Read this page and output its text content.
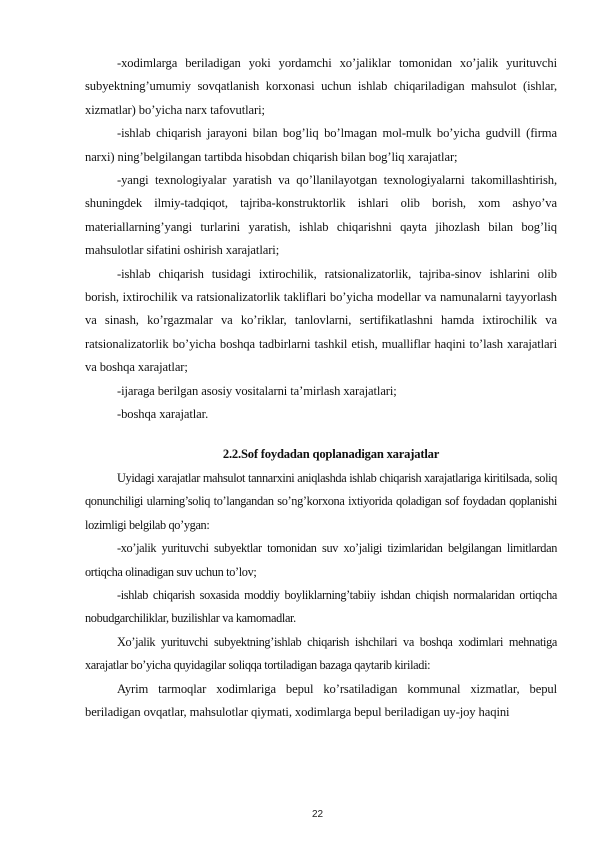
-xodimlarga beriladigan yoki yordamchi xo’jaliklar tomonidan xo’jalik yurituvchi subyektning’umumiy sovqatlanish korxonasi uchun ishlab chiqariladigan mahsulot (ishlar, xizmatlar) bo’yicha narx tafovutlari;

-ishlab chiqarish jarayoni bilan bog’liq bo’lmagan mol-mulk bo’yicha gudvill (firma narxi) ning’belgilangan tartibda hisobdan chiqarish bilan bog’liq xarajatlar;

-yangi texnologiyalar yaratish va qo’llanilayotgan texnologiyalarni takomillashtirish, shuningdek ilmiy-tadqiqot, tajriba-konstruktorlik ishlari olib borish, xom ashyo’va materiallarning’yangi turlarini yaratish, ishlab chiqarishni qayta jihozlash bilan bog’liq mahsulotlar sifatini oshirish xarajatlari;

-ishlab chiqarish tusidagi ixtirochilik, ratsionalizatorlik, tajriba-sinov ishlarini olib borish, ixtirochilik va ratsionalizatorlik takliflari bo’yicha modellar va namunalarni tayyorlash va sinash, ko’rgazmalar va ko’riklar, tanlovlarni, sertifikatlashni hamda ixtirochilik va ratsionalizatorlik bo’yicha boshqa tadbirlarni tashkil etish, mualliflar haqini to’lash xarajatlari va boshqa xarajatlar;

-ijaraga berilgan asosiy vositalarni ta’mirlash xarajatlari;

-boshqa xarajatlar.

2.2.Sof foydadan qoplanadigan xarajatlar

Uyidagi xarajatlar mahsulot tannarxini aniqlashda ishlab chiqarish xarajatlariga kiritilsada, soliq qonunchiligi ularning’soliq to’langandan so’ng’korxona ixtiyorida qoladigan sof foydadan qoplanishi lozimligi belgilab qo’ygan:

-xo’jalik yurituvchi subyektlar tomonidan suv xo’jaligi tizimlaridan belgilangan limitlardan ortiqcha olinadigan suv uchun to’lov;

-ishlab chiqarish soxasida moddiy boyliklarning’tabiiy ishdan chiqish normalaridan ortiqcha nobudgarchiliklar, buzilishlar va kamomadlar.

Xo’jalik yurituvchi subyektning’ishlab chiqarish ishchilari va boshqa xodimlari mehnatiga xarajatlar bo’yicha quyidagilar soliqqa tortiladigan bazaga qaytarib kiriladi:

Ayrim tarmoqlar xodimlariga bepul ko’rsatiladigan kommunal xizmatlar, bepul beriladigan ovqatlar, mahsulotlar qiymati, xodimlarga bepul beriladigan uy-joy haqini

22
